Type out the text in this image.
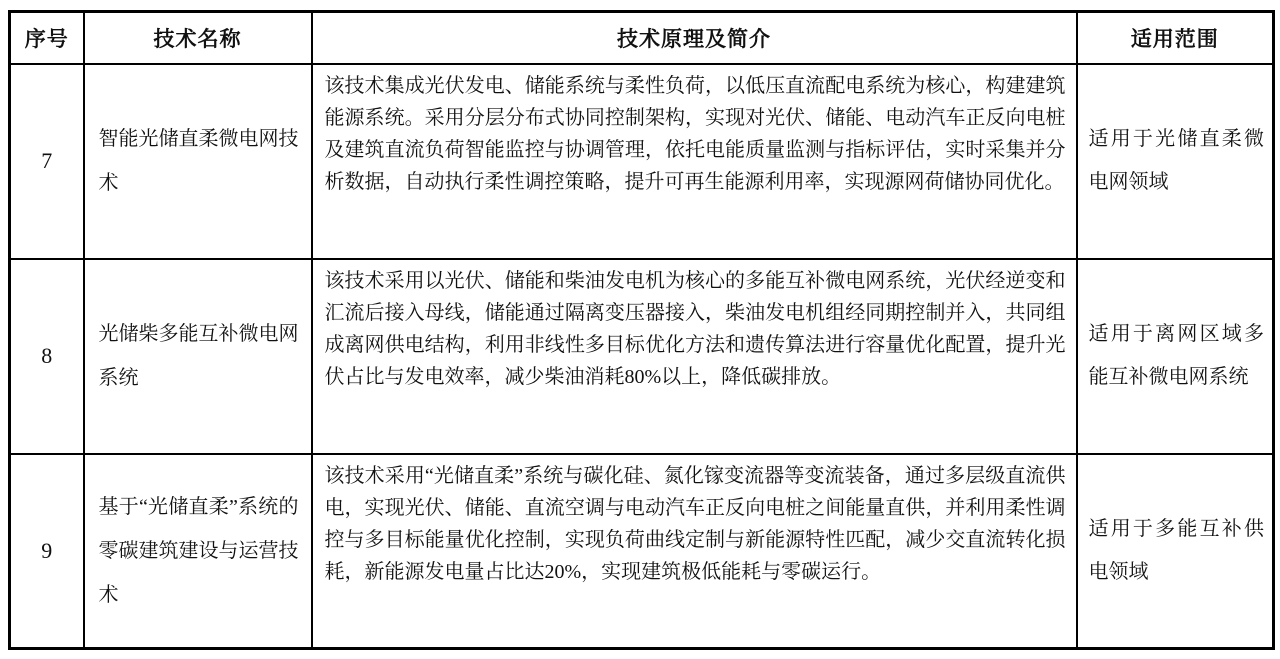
序号	技术名称	技术原理及简介	适用范围
7	智能光储直柔微电网技术	该技术集成光伏发电、储能系统与柔性负荷，以低压直流配电系统为核心，构建建筑能源系统。采用分层分布式协同控制架构，实现对光伏、储能、电动汽车正反向电桩及建筑直流负荷智能监控与协调管理，依托电能质量监测与指标评估，实时采集并分析数据，自动执行柔性调控策略，提升可再生能源利用率，实现源网荷储协同优化。	适用于光储直柔微电网领域
8	光储柴多能互补微电网系统	该技术采用以光伏、储能和柴油发电机为核心的多能互补微电网系统，光伏经逆变和汇流后接入母线，储能通过隔离变压器接入，柴油发电机组经同期控制并入，共同组成离网供电结构，利用非线性多目标优化方法和遗传算法进行容量优化配置，提升光伏占比与发电效率，减少柴油消耗80%以上，降低碳排放。	适用于离网区域多能互补微电网系统
9	基于“光储直柔”系统的零碳建筑建设与运营技术	该技术采用“光储直柔”系统与碳化硅、氮化镓变流器等变流装备，通过多层级直流供电，实现光伏、储能、直流空调与电动汽车正反向电桩之间能量直供，并利用柔性调控与多目标能量优化控制，实现负荷曲线定制与新能源特性匹配，减少交直流转化损耗，新能源发电量占比达20%，实现建筑极低能耗与零碳运行。	适用于多能互补供电领域
